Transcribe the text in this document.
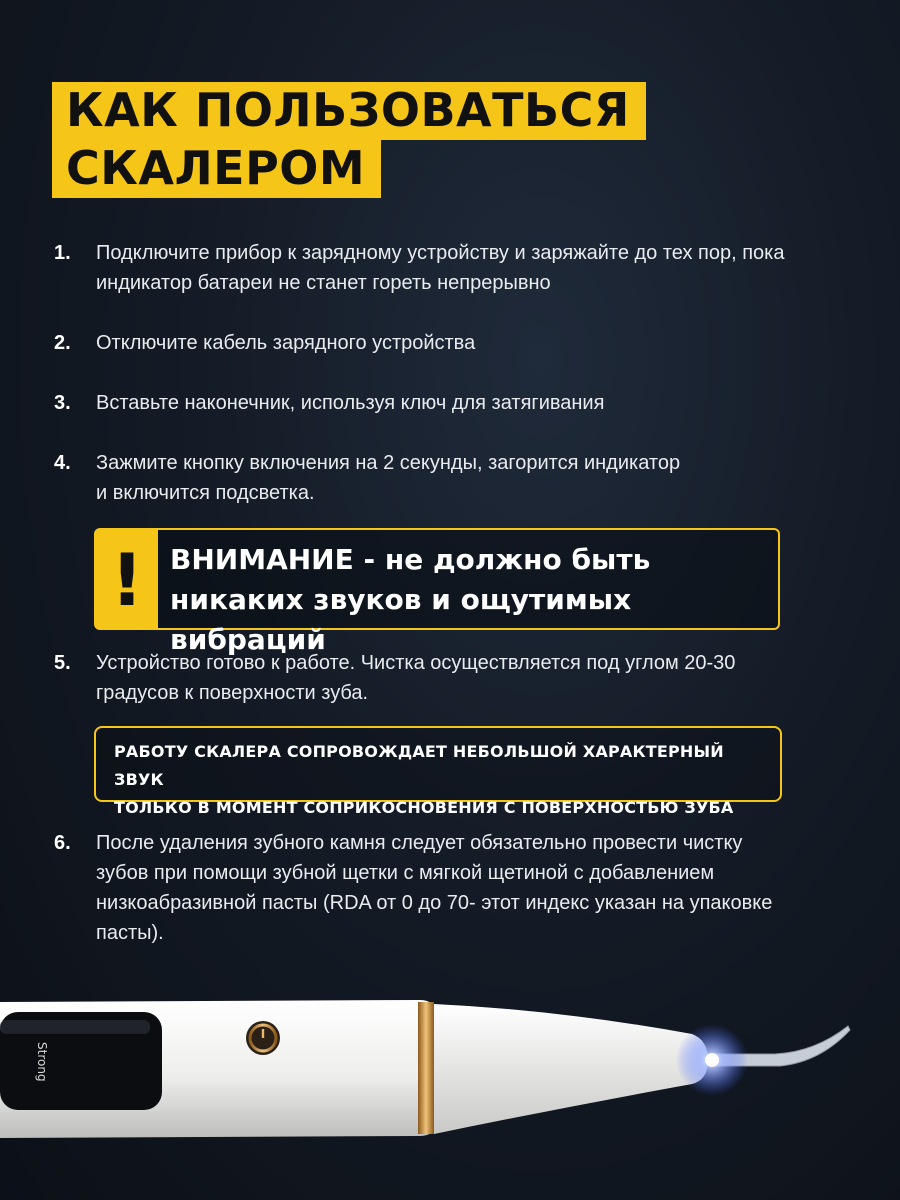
КАК ПОЛЬЗОВАТЬСЯ
СКАЛЕРОМ
1.	Подключите прибор к зарядному устройству и заряжайте до тех пор, пока
индикатор батареи не станет гореть непрерывно
2.	Отключите кабель зарядного устройства
3.	Вставьте наконечник, используя ключ для затягивания
4.	Зажмите кнопку включения на 2 секунды, загорится индикатор
и включится подсветка.
5.	Устройство готово к работе. Чистка осуществляется под углом 20-30
градусов к поверхности зуба.
6.	После удаления зубного камня следует обязательно провести чистку
зубов при помощи зубной щетки с мягкой щетиной с добавлением
низкоабразивной пасты (RDA от 0 до 70- этот индекс указан на упаковке
пасты).
! ВНИМАНИЕ - не должно быть
никаких звуков и ощутимых вибраций
РАБОТУ СКАЛЕРА СОПРОВОЖДАЕТ НЕБОЛЬШОЙ ХАРАКТЕРНЫЙ ЗВУК
ТОЛЬКО В МОМЕНТ СОПРИКОСНОВЕНИЯ С ПОВЕРХНОСТЬЮ ЗУБА
Strong
